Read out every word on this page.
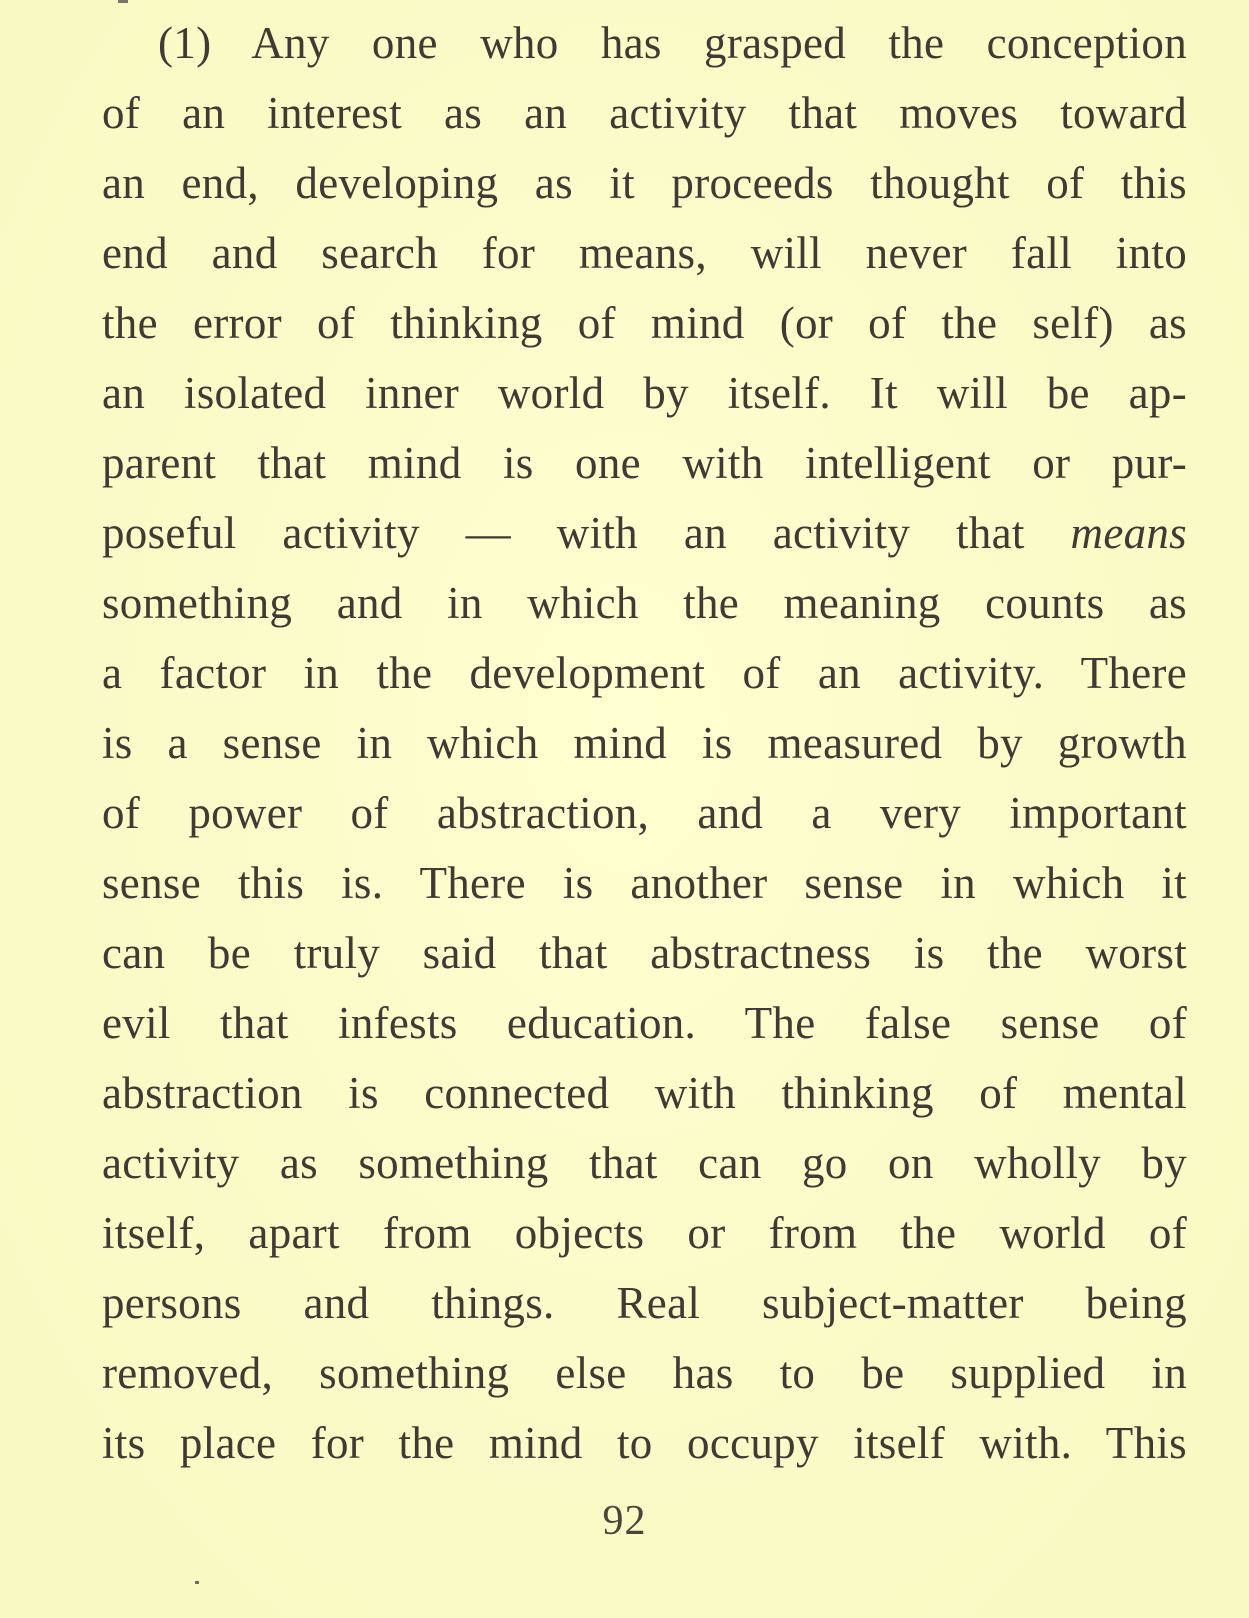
(1) Any one who has grasped the conception
of an interest as an activity that moves toward
an end, developing as it proceeds thought of this
end and search for means, will never fall into
the error of thinking of mind (or of the self) as
an isolated inner world by itself. It will be ap-
parent that mind is one with intelligent or pur-
poseful activity — with an activity that means
something and in which the meaning counts as
a factor in the development of an activity. There
is a sense in which mind is measured by growth
of power of abstraction, and a very important
sense this is. There is another sense in which it
can be truly said that abstractness is the worst
evil that infests education. The false sense of
abstraction is connected with thinking of mental
activity as something that can go on wholly by
itself, apart from objects or from the world of
persons and things. Real subject-matter being
removed, something else has to be supplied in
its place for the mind to occupy itself with. This
92
